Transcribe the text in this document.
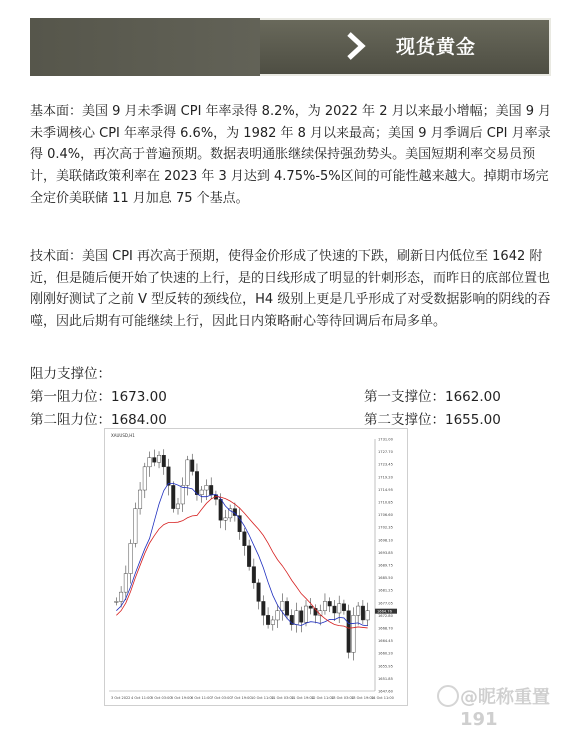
现货黄金

基本面：美国 9 月未季调 CPI 年率录得 8.2%，为 2022 年 2 月以来最小增幅；美国 9 月未季调核心 CPI 年率录得 6.6%，为 1982 年 8 月以来最高；美国 9 月季调后 CPI 月率录得 0.4%，再次高于普遍预期。数据表明通胀继续保持强劲势头。美国短期利率交易员预计，美联储政策利率在 2023 年 3 月达到 4.75%-5%区间的可能性越来越大。掉期市场完全定价美联储 11 月加息 75 个基点。

技术面：美国 CPI 再次高于预期，使得金价形成了快速的下跌，刷新日内低位至 1642 附近，但是随后便开始了快速的上行，是的日线形成了明显的针刺形态，而昨日的底部位置也刚刚好测试了之前 V 型反转的颈线位，H4 级别上更是几乎形成了对受数据影响的阴线的吞噬，因此后期有可能继续上行，因此日内策略耐心等待回调后布局多单。

阻力支撑位：
第一阻力位：1673.00
第二阻力位：1684.00
第一支撑位：1662.00
第二支撑位：1655.00
XAUUSD,H1
1731.00
1727.70
1723.45
1719.20
1714.95
1710.85
1706.60
1702.35
1698.10
1693.85
1689.75
1685.50
1681.25
1677.05
1672.80
1668.70
1664.45
1660.20
1655.95
1651.85
1647.60
3 Oct 2022 4 Oct 11:00 5 Oct 03:00 5 Oct 19:00 6 Oct 11:00 7 Oct 03:00 7 Oct 19:00 10 Oct 11:00
11 Oct 03:00
11 Oct 19:00
12 Oct 11:00
13 Oct 03:00
13 Oct 19:00
14 Oct 11:00
1664.76
@昵称重置191
